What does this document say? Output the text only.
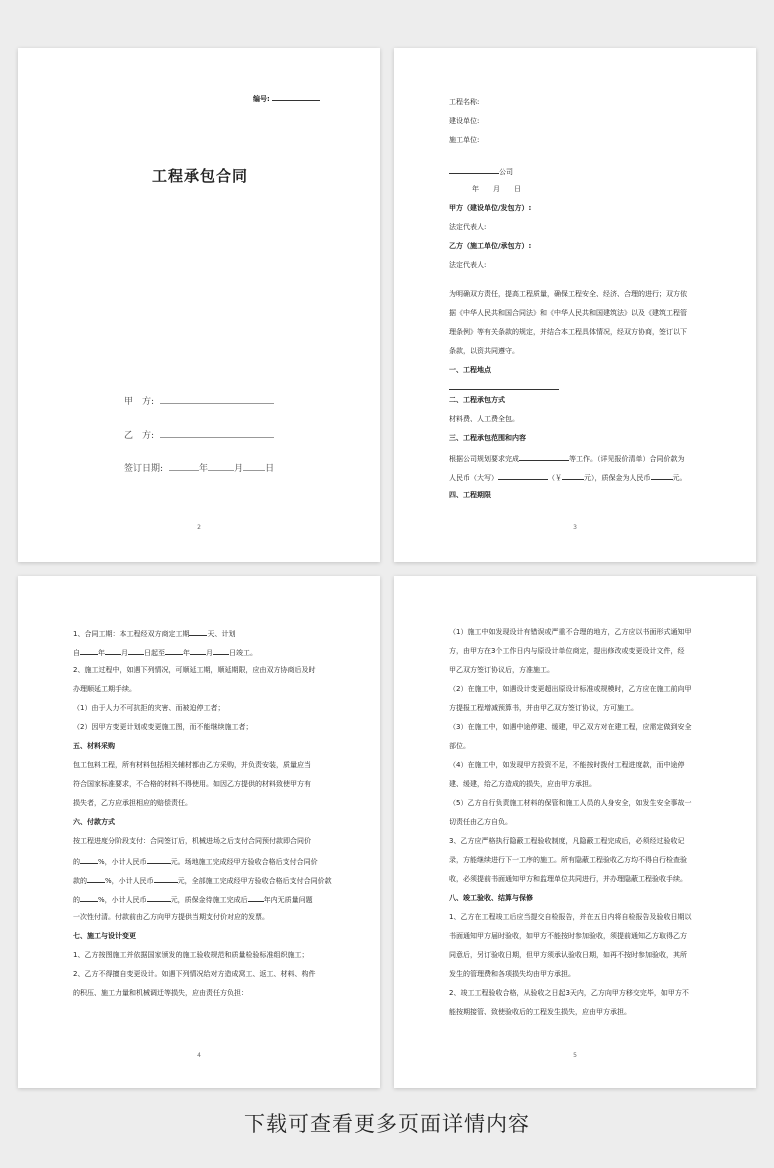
编号:
工程承包合同
甲　方:
乙　方:
签订日期:	年	月 日
2
工程名称:
建设单位:
施工单位:
公司
年　　月　　日
甲方（建设单位/发包方）:
法定代表人:
乙方（施工单位/承包方）:
法定代表人:
为明确双方责任，提高工程质量，确保工程安全、经济、合理的进行；双方依
据《中华人民共和国合同法》和《中华人民共和国建筑法》以及《建筑工程管
理条例》等有关条款的规定，并结合本工程具体情况，经双方协商，签订以下
条款，以资共同遵守。
一、工程地点
二、工程承包方式
材料费、人工费全包。
三、工程承包范围和内容
根据公司规划要求完成	等工作。（详见报价清单）合同价款为
人民币（大写）	（￥	元），质保金为人民币	元。
四、工程期限
3
1、合同工期：本工程经双方商定工期	天、计划
自	年 月 日起至	年 月 日竣工。
2、施工过程中，如遇下列情况，可顺延工期，顺延期限，应由双方协商后及时
办理顺延工期手续。
（1）由于人力不可抗拒的灾害、而被迫停工者；
（2）因甲方变更计划或变更施工图，而不能继续施工者；
五、材料采购
包工包料工程，所有材料包括相关辅材都由乙方采购，并负责安装，质量应当
符合国家标准要求，不合格的材料不得使用。如因乙方提供的材料致使甲方有
损失者，乙方应承担相应的赔偿责任。
六、付款方式
按工程进度分阶段支付：合同签订后，机械进场之后支付合同预付款即合同价
的	%，小计人民币	元。场地施工完成经甲方验收合格后支付合同价
款的	%，小计人民币	元，全部施工完成经甲方验收合格后支付合同价款
的	%，小计人民币	元，质保金待施工完成后 年内无质量问题
一次性付清。付款前由乙方向甲方提供当期支付价对应的发票。
七、施工与设计变更
1、乙方按图施工并依据国家颁发的施工验收规范和质量检验标准组织施工；
2、乙方不得擅自变更设计。如遇下列情况给对方造成窝工、返工、材料、构件
的积压、施工力量和机械调迁等损失，应由责任方负担：
4
（1）施工中如发现设计有错误或严重不合理的地方，乙方应以书面形式通知甲
方，由甲方在3个工作日内与原设计单位商定，提出修改或变更设计文件，经
甲乙双方签订协议后，方准施工。
（2）在施工中，如遇设计变更超出原设计标准或规模时，乙方应在施工前向甲
方提报工程增减预算书，并由甲乙双方签订协议，方可施工。
（3）在施工中，如遇中途停建、缓建，甲乙双方对在建工程，应需定做到安全
部位。
（4）在施工中，如发现甲方投资不足，不能按时拨付工程进度款，而中途停
建、缓建，给乙方造成的损失，应由甲方承担。
（5）乙方自行负责施工材料的保管和施工人员的人身安全，如发生安全事故一
切责任由乙方自负。
3、乙方应严格执行隐蔽工程验收制度，凡隐蔽工程完成后，必须经过验收记
录，方能继续进行下一工序的施工。所有隐蔽工程验收乙方均不得自行检查验
收，必须提前书面通知甲方和监理单位共同进行，并办理隐蔽工程验收手续。
八、竣工验收、结算与保修
1、乙方在工程竣工后应当提交自检报告，并在五日内将自检报告及验收日期以
书面通知甲方届时验收，如甲方不能按时参加验收，须提前通知乙方取得乙方
同意后，另订验收日期，但甲方须承认验收日期，如再不按时参加验收，其所
发生的管理费和各项损失均由甲方承担。
2、竣工工程验收合格，从验收之日起3天内，乙方向甲方移交完毕，如甲方不
能按期接管、致使验收后的工程发生损失，应由甲方承担。
5
下载可查看更多页面详情内容
